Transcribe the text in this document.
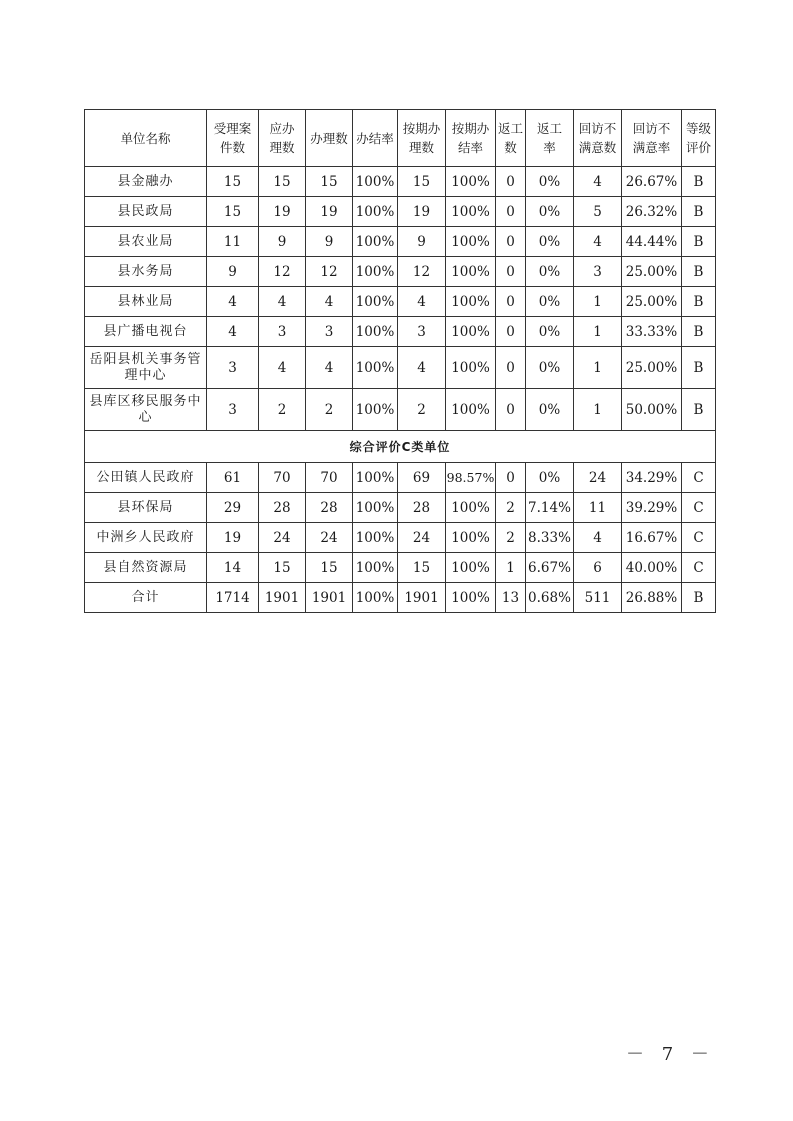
单位名称	受理案件数	应办理数	办理数	办结率	按期办理数	按期办结率	返工数	返工率	回访不满意数	回访不满意率	等级评价
县金融办	15	15	15	100%	15	100%	0	0%	4	26.67%	B
县民政局	15	19	19	100%	19	100%	0	0%	5	26.32%	B
县农业局	11	9	9	100%	9	100%	0	0%	4	44.44%	B
县水务局	9	12	12	100%	12	100%	0	0%	3	25.00%	B
县林业局	4	4	4	100%	4	100%	0	0%	1	25.00%	B
县广播电视台	4	3	3	100%	3	100%	0	0%	1	33.33%	B
岳阳县机关事务管理中心	3	4	4	100%	4	100%	0	0%	1	25.00%	B
县库区移民服务中心	3	2	2	100%	2	100%	0	0%	1	50.00%	B
综合评价C类单位											
公田镇人民政府	61	70	70	100%	69	98.57%	0	0%	24	34.29%	C
县环保局	29	28	28	100%	28	100%	2	7.14%	11	39.29%	C
中洲乡人民政府	19	24	24	100%	24	100%	2	8.33%	4	16.67%	C
县自然资源局	14	15	15	100%	15	100%	1	6.67%	6	40.00%	C
合计	1714	1901	1901	100%	1901	100%	13	0.68%	511	26.88%	B
－ 7 －
